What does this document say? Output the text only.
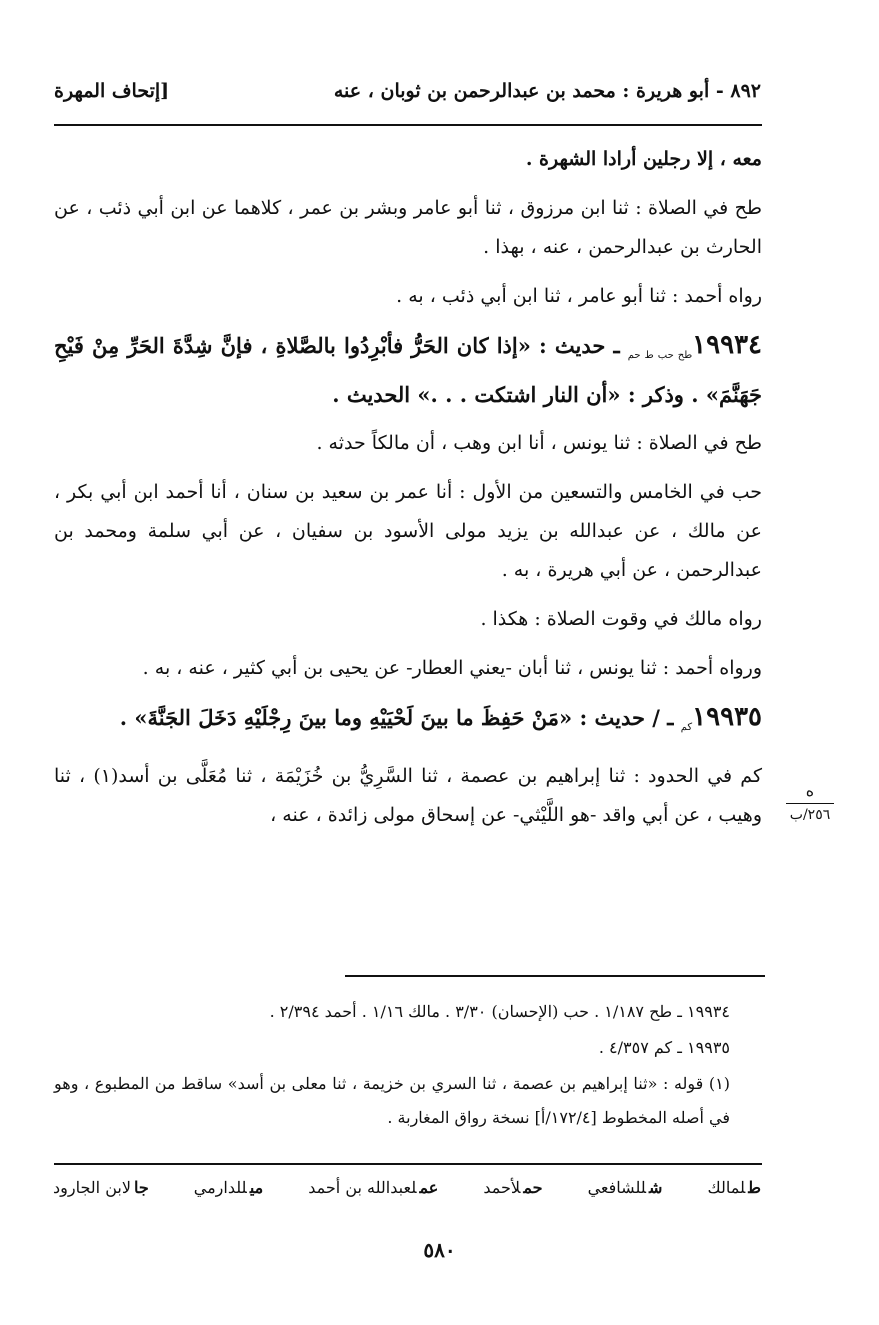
٨٩٢ - أبو هريرة : محمد بن عبدالرحمن بن ثوبان ، عنه
[إتحاف المهرة

معه ، إلا رجلين أرادا الشهرة .

طح في الصلاة : ثنا ابن مرزوق ، ثنا أبو عامر وبشر بن عمر ، كلاهما عن ابن أبي ذئب ، عن الحارث بن عبدالرحمن ، عنه ، بهذا .

رواه أحمد : ثنا أبو عامر ، ثنا ابن أبي ذئب ، به .

$١٩٩٣٤_{طح حب ط حم}$ ـ حديث : «إذا كان الحَرُّ فأبْرِدُوا بالصَّلاةِ ، فإنَّ شِدَّةَ الحَرِّ مِنْ فَيْحِ جَهَنَّمَ» . وذكر : «أن النار اشتكت . . .» الحديث .

طح في الصلاة : ثنا يونس ، أنا ابن وهب ، أن مالكاً حدثه .

حب في الخامس والتسعين من الأول : أنا عمر بن سعيد بن سنان ، أنا أحمد ابن أبي بكر ، عن مالك ، عن عبدالله بن يزيد مولى الأسود بن سفيان ، عن أبي سلمة ومحمد بن عبدالرحمن ، عن أبي هريرة ، به .

رواه مالك في وقوت الصلاة : هكذا .

ورواه أحمد : ثنا يونس ، ثنا أبان -يعني العطار- عن يحيى بن أبي كثير ، عنه ، به .

$١٩٩٣٥_{كم}$ ـ / حديث : «مَنْ حَفِظَ ما بينَ لَحْيَيْهِ وما بينَ رِجْلَيْهِ دَخَلَ الجَنَّةَ» .

كم في الحدود : ثنا إبراهيم بن عصمة ، ثنا السَّرِيُّ بن خُزَيْمَة ، ثنا مُعَلَّى بن أسد(١) ، ثنا وهيب ، عن أبي واقد -هو اللَّيْثي- عن إسحاق مولى زائدة ، عنه ،

ه
٢٥٦/ب

١٩٩٣٤ ـ طح ١/١٨٧ . حب (الإحسان) ٣/٣٠ . مالك ١/١٦ . أحمد ٢/٣٩٤ .

١٩٩٣٥ ـ كم ٤/٣٥٧ .

(١) قوله : «ثنا إبراهيم بن عصمة ، ثنا السري بن خزيمة ، ثنا معلى بن أسد» ساقط من المطبوع ، وهو في أصله المخطوط [١٧٢/٤/أ] نسخة رواق المغاربة .

طلمالك
شللشافعي
حملأحمد
عملعبدالله بن أحمد
ميللدارمي
جالابن الجارود
٥٨٠
